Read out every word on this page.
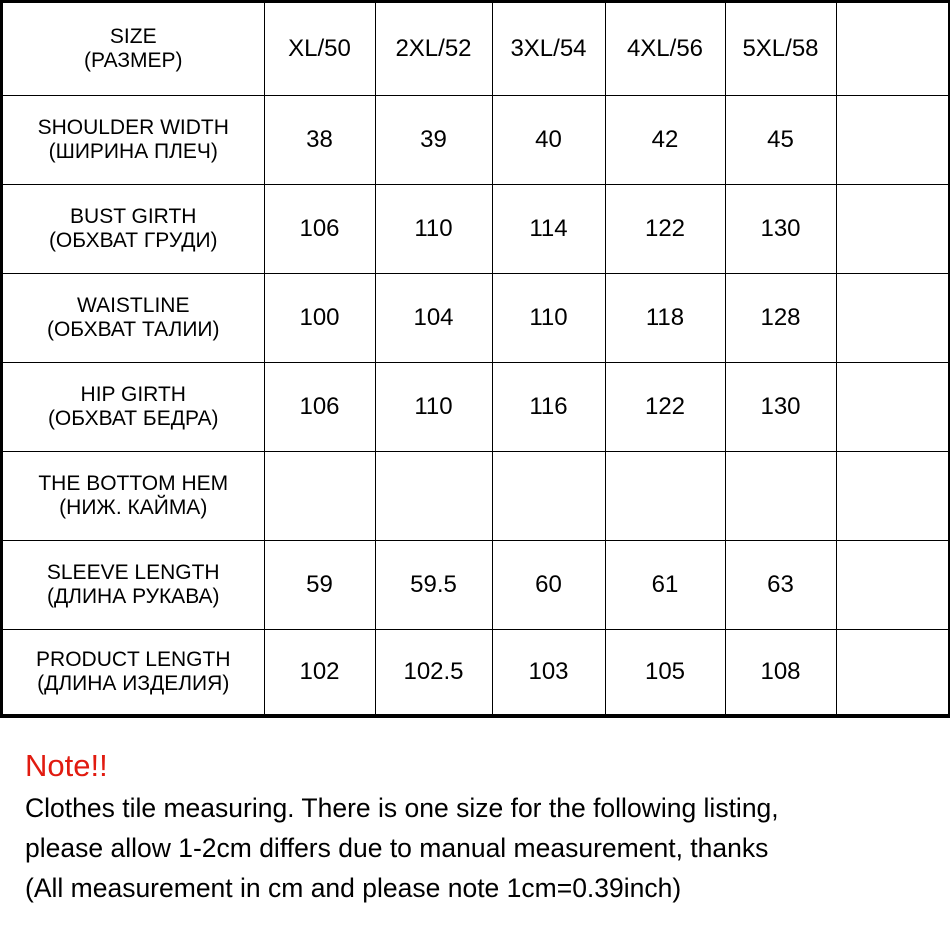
SIZE
(РАЗМЕР)	XL/50	2XL/52	3XL/54	4XL/56	5XL/58	

SHOULDER WIDTH
(ШИРИНА ПЛЕЧ)	38	39	40	42	45	

BUST GIRTH
(ОБХВАТ ГРУДИ)	106	110	114	122	130	

WAISTLINE
(ОБХВАТ ТАЛИИ)	100	104	110	118	128	

HIP GIRTH
(ОБХВАТ БЕДРА)	106	110	116	122	130	

THE BOTTOM HEM
(НИЖ. КАЙМА)						

SLEEVE LENGTH
(ДЛИНА РУКАВА)	59	59.5	60	61	63	

PRODUCT LENGTH
(ДЛИНА ИЗДЕЛИЯ)	102	102.5	103	105	108	

Note!!

Clothes tile measuring. There is one size for the following listing,

please allow 1-2cm differs due to manual measurement, thanks

(All measurement in cm and please note 1cm=0.39inch)
